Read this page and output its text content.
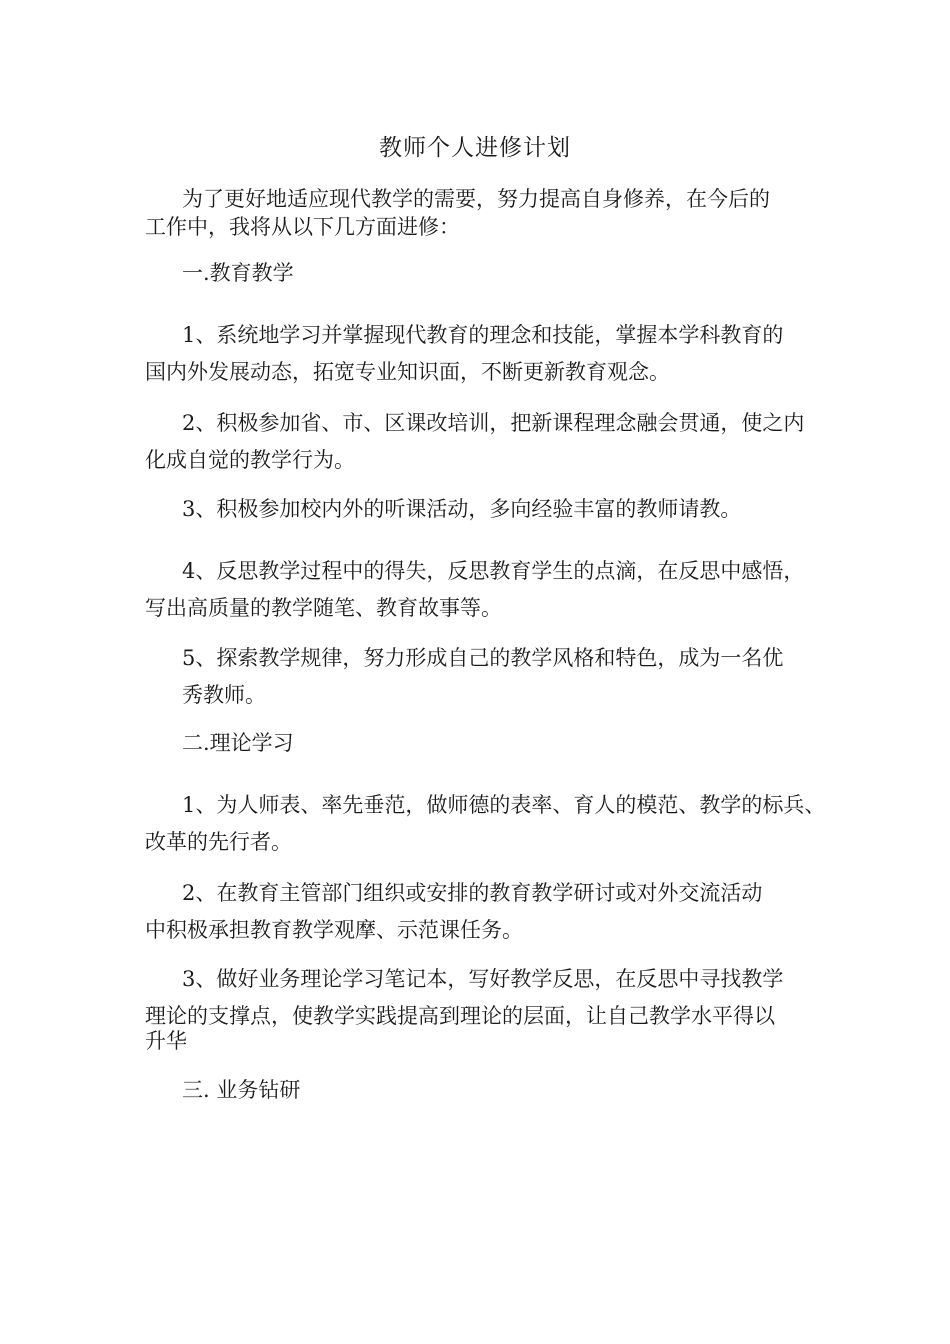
教师个人进修计划

为了更好地适应现代教学的需要，努力提高自身修养，在今后的

工作中，我将从以下几方面进修：

一.教育教学

1、系统地学习并掌握现代教育的理念和技能，掌握本学科教育的

国内外发展动态，拓宽专业知识面，不断更新教育观念。

2、积极参加省、市、区课改培训，把新课程理念融会贯通，使之内

化成自觉的教学行为。

3、积极参加校内外的听课活动，多向经验丰富的教师请教。

4、反思教学过程中的得失，反思教育学生的点滴，在反思中感悟，

写出高质量的教学随笔、教育故事等。

5、探索教学规律，努力形成自己的教学风格和特色，成为一名优

秀教师。

二.理论学习

1、为人师表、率先垂范，做师德的表率、育人的模范、教学的标兵、

改革的先行者。

2、在教育主管部门组织或安排的教育教学研讨或对外交流活动

中积极承担教育教学观摩、示范课任务。

3、做好业务理论学习笔记本，写好教学反思，在反思中寻找教学

理论的支撑点，使教学实践提高到理论的层面，让自己教学水平得以

升华

三. 业务钻研
